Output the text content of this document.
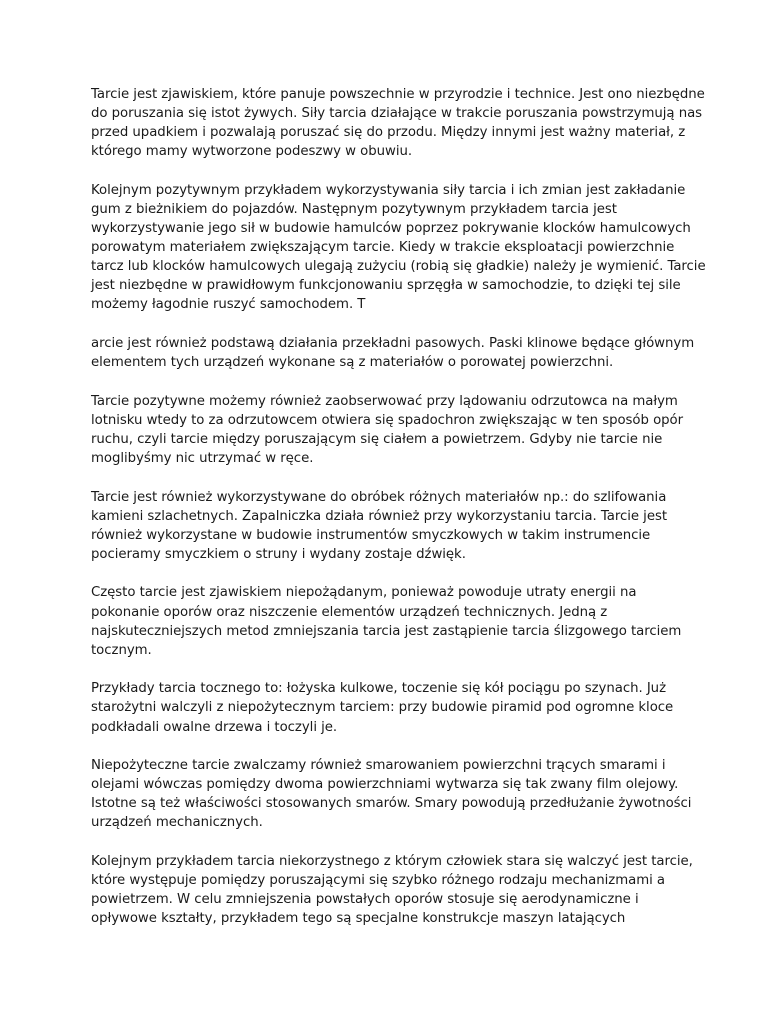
Tarcie jest zjawiskiem, które panuje powszechnie w przyrodzie i technice. Jest ono niezbędne
do poruszania się istot żywych. Siły tarcia działające w trakcie poruszania powstrzymują nas
przed upadkiem i pozwalają poruszać się do przodu. Między innymi jest ważny materiał, z
którego mamy wytworzone podeszwy w obuwiu.

Kolejnym pozytywnym przykładem wykorzystywania siły tarcia i ich zmian jest zakładanie
gum z bieżnikiem do pojazdów. Następnym pozytywnym przykładem tarcia jest
wykorzystywanie jego sił w budowie hamulców poprzez pokrywanie klocków hamulcowych
porowatym materiałem zwiększającym tarcie. Kiedy w trakcie eksploatacji powierzchnie
tarcz lub klocków hamulcowych ulegają zużyciu (robią się gładkie) należy je wymienić. Tarcie
jest niezbędne w prawidłowym funkcjonowaniu sprzęgła w samochodzie, to dzięki tej sile
możemy łagodnie ruszyć samochodem. T

arcie jest również podstawą działania przekładni pasowych. Paski klinowe będące głównym
elementem tych urządzeń wykonane są z materiałów o porowatej powierzchni.

Tarcie pozytywne możemy również zaobserwować przy lądowaniu odrzutowca na małym
lotnisku wtedy to za odrzutowcem otwiera się spadochron zwiększając w ten sposób opór
ruchu, czyli tarcie między poruszającym się ciałem a powietrzem. Gdyby nie tarcie nie
moglibyśmy nic utrzymać w ręce.

Tarcie jest również wykorzystywane do obróbek różnych materiałów np.: do szlifowania
kamieni szlachetnych. Zapalniczka działa również przy wykorzystaniu tarcia. Tarcie jest
również wykorzystane w budowie instrumentów smyczkowych w takim instrumencie
pocieramy smyczkiem o struny i wydany zostaje dźwięk.

Często tarcie jest zjawiskiem niepożądanym, ponieważ powoduje utraty energii na
pokonanie oporów oraz niszczenie elementów urządzeń technicznych. Jedną z
najskuteczniejszych metod zmniejszania tarcia jest zastąpienie tarcia ślizgowego tarciem
tocznym.

Przykłady tarcia tocznego to: łożyska kulkowe, toczenie się kół pociągu po szynach. Już
starożytni walczyli z niepożytecznym tarciem: przy budowie piramid pod ogromne kloce
podkładali owalne drzewa i toczyli je.

Niepożyteczne tarcie zwalczamy również smarowaniem powierzchni trących smarami i
olejami wówczas pomiędzy dwoma powierzchniami wytwarza się tak zwany film olejowy.
Istotne są też właściwości stosowanych smarów. Smary powodują przedłużanie żywotności
urządzeń mechanicznych.

Kolejnym przykładem tarcia niekorzystnego z którym człowiek stara się walczyć jest tarcie,
które występuje pomiędzy poruszającymi się szybko różnego rodzaju mechanizmami a
powietrzem. W celu zmniejszenia powstałych oporów stosuje się aerodynamiczne i
opływowe kształty, przykładem tego są specjalne konstrukcje maszyn latających
